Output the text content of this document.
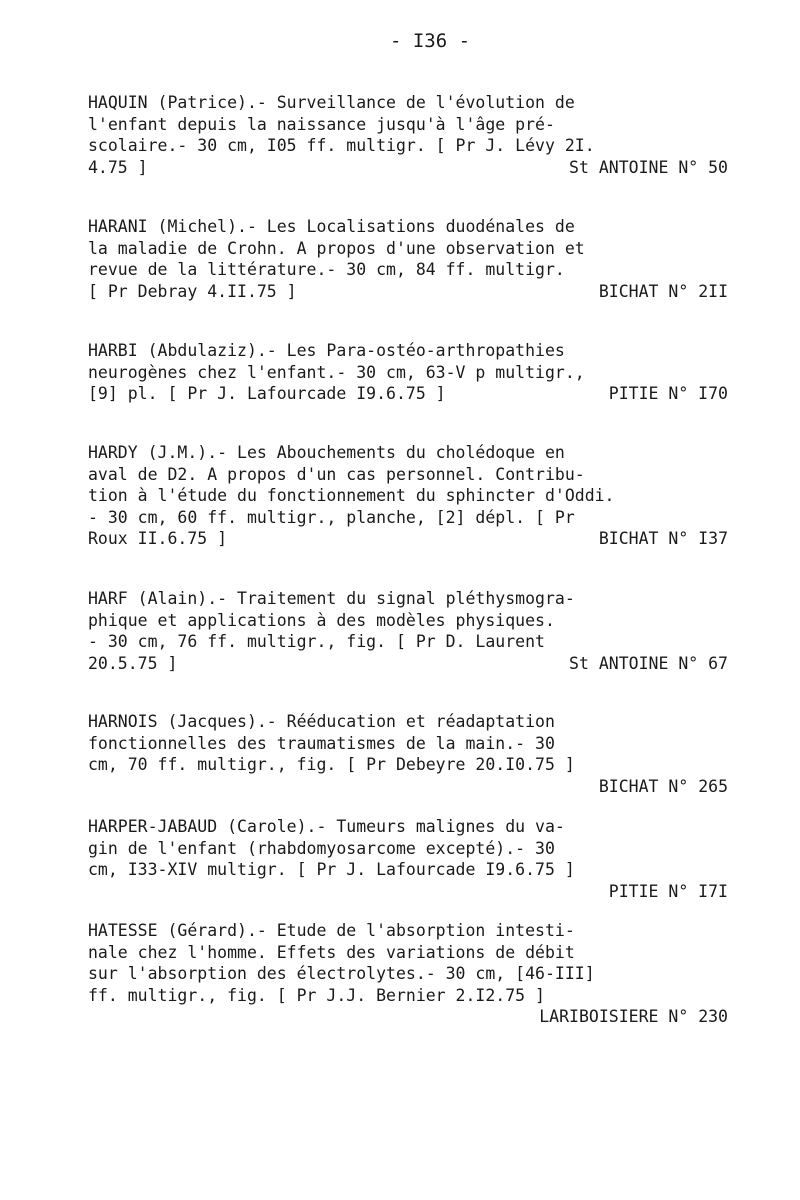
- I36 -
HAQUIN (Patrice).- Surveillance de l'évolution de
l'enfant depuis la naissance jusqu'à l'âge pré-
scolaire.- 30 cm, I05 ff. multigr. [ Pr J. Lévy 2I.
4.75 ]	St ANTOINE N° 50
HARANI (Michel).- Les Localisations duodénales de
la maladie de Crohn. A propos d'une observation et
revue de la littérature.- 30 cm, 84 ff. multigr.
[ Pr Debray 4.II.75 ]	BICHAT N° 2II
HARBI (Abdulaziz).- Les Para-ostéo-arthropathies
neurogènes chez l'enfant.- 30 cm, 63-V p multigr.,
[9] pl. [ Pr J. Lafourcade I9.6.75 ]	PITIE N° I70
HARDY (J.M.).- Les Abouchements du cholédoque en
aval de D2. A propos d'un cas personnel. Contribu-
tion à l'étude du fonctionnement du sphincter d'Oddi.
- 30 cm, 60 ff. multigr., planche, [2] dépl. [ Pr
Roux II.6.75 ]	BICHAT N° I37
HARF (Alain).- Traitement du signal pléthysmogra-
phique et applications à des modèles physiques.
- 30 cm, 76 ff. multigr., fig. [ Pr D. Laurent
20.5.75 ]	St ANTOINE N° 67
HARNOIS (Jacques).- Rééducation et réadaptation
fonctionnelles des traumatismes de la main.- 30
cm, 70 ff. multigr., fig. [ Pr Debeyre 20.I0.75 ]
BICHAT N° 265
HARPER-JABAUD (Carole).- Tumeurs malignes du va-
gin de l'enfant (rhabdomyosarcome excepté).- 30
cm, I33-XIV multigr. [ Pr J. Lafourcade I9.6.75 ]
PITIE N° I7I
HATESSE (Gérard).- Etude de l'absorption intesti-
nale chez l'homme. Effets des variations de débit
sur l'absorption des électrolytes.- 30 cm, [46-III]
ff. multigr., fig. [ Pr J.J. Bernier 2.I2.75 ]
LARIBOISIERE N° 230
